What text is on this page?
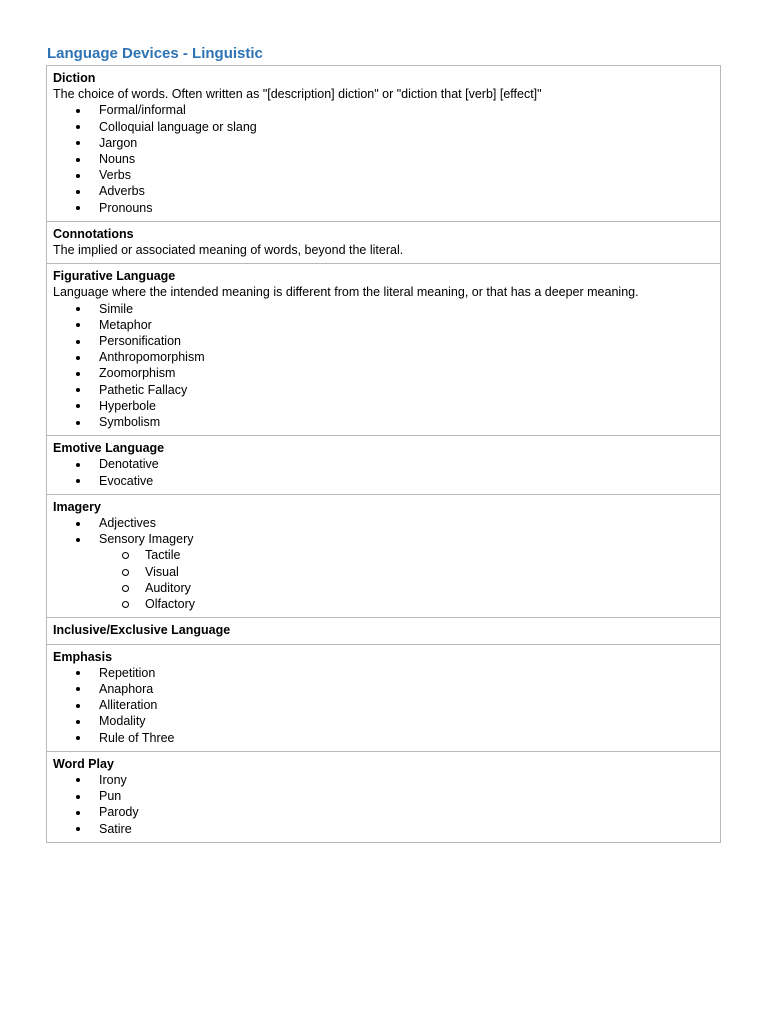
Language Devices - Linguistic
Diction
The choice of words. Often written as "[description] diction" or "diction that [verb] [effect]"
Formal/informal
Colloquial language or slang
Jargon
Nouns
Verbs
Adverbs
Pronouns

Connotations
The implied or associated meaning of words, beyond the literal.

Figurative Language
Language where the intended meaning is different from the literal meaning, or that has a deeper meaning.
Simile
Metaphor
Personification
Anthropomorphism
Zoomorphism
Pathetic Fallacy
Hyperbole
Symbolism

Emotive Language
Denotative
Evocative

Imagery
Adjectives
Sensory Imagery
Tactile
Visual
Auditory
Olfactory

Inclusive/Exclusive Language

Emphasis
Repetition
Anaphora
Alliteration
Modality
Rule of Three

Word Play
Irony
Pun
Parody
Satire
